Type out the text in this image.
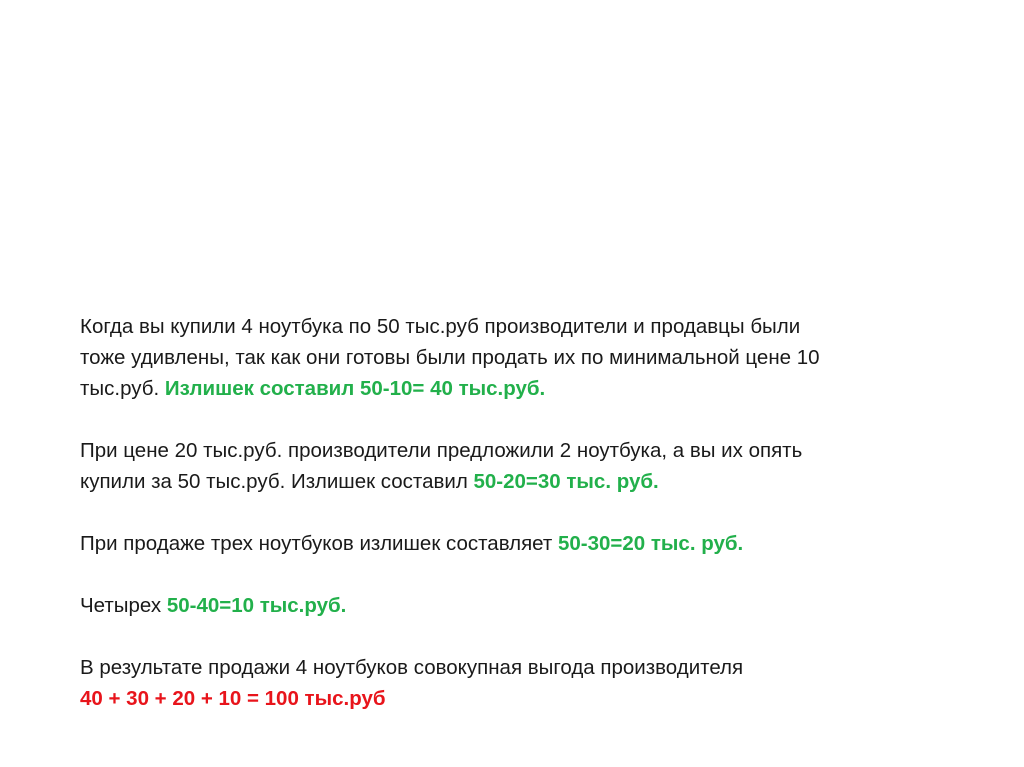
Когда вы купили 4 ноутбука по 50 тыс.руб производители и продавцы были
тоже удивлены, так как они готовы были продать их по минимальной цене 10
тыс.руб. Излишек составил 50-10= 40 тыс.руб.

При цене 20 тыс.руб. производители предложили 2 ноутбука, а вы их опять
купили за 50 тыс.руб. Излишек составил 50-20=30 тыс. руб.

При продаже трех ноутбуков излишек составляет 50-30=20 тыс. руб.

Четырех 50-40=10 тыс.руб.

В результате продажи 4 ноутбуков совокупная выгода производителя
40 + 30 + 20 + 10 = 100 тыс.руб
